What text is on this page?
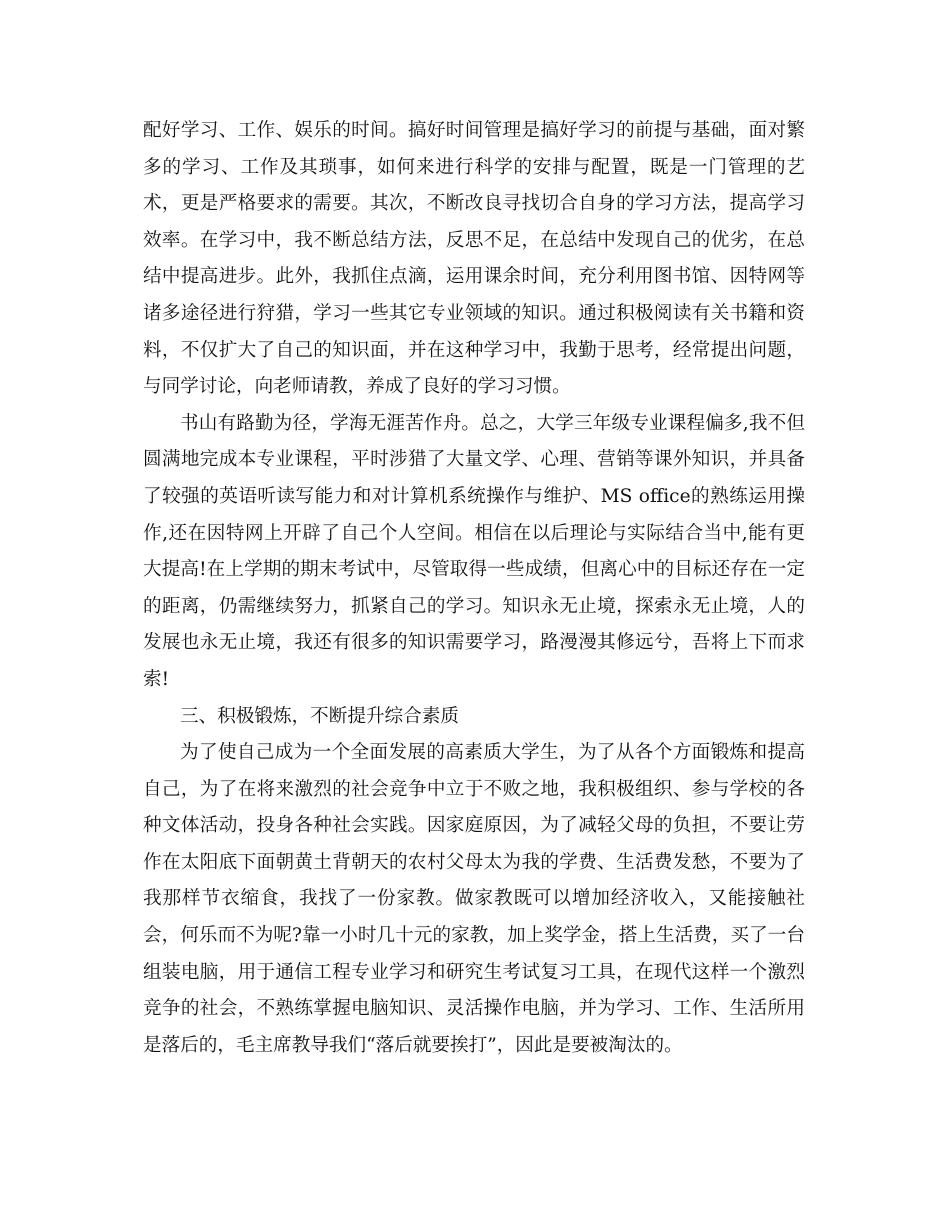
配好学习、工作、娱乐的时间。搞好时间管理是搞好学习的前提与基础，面对繁多的学习、工作及其琐事，如何来进行科学的安排与配置，既是一门管理的艺术，更是严格要求的需要。其次，不断改良寻找切合自身的学习方法，提高学习效率。在学习中，我不断总结方法，反思不足，在总结中发现自己的优劣，在总结中提高进步。此外，我抓住点滴，运用课余时间，充分利用图书馆、因特网等诸多途径进行狩猎，学习一些其它专业领域的知识。通过积极阅读有关书籍和资料，不仅扩大了自己的知识面，并在这种学习中，我勤于思考，经常提出问题，与同学讨论，向老师请教，养成了良好的学习习惯。

书山有路勤为径，学海无涯苦作舟。总之，大学三年级专业课程偏多,我不但圆满地完成本专业课程，平时涉猎了大量文学、心理、营销等课外知识，并具备了较强的英语听读写能力和对计算机系统操作与维护、MS office的熟练运用操作,还在因特网上开辟了自己个人空间。相信在以后理论与实际结合当中,能有更大提高!在上学期的期末考试中，尽管取得一些成绩，但离心中的目标还存在一定的距离，仍需继续努力，抓紧自己的学习。知识永无止境，探索永无止境，人的发展也永无止境，我还有很多的知识需要学习，路漫漫其修远兮，吾将上下而求索!

三、积极锻炼，不断提升综合素质

为了使自己成为一个全面发展的高素质大学生，为了从各个方面锻炼和提高自己，为了在将来激烈的社会竞争中立于不败之地，我积极组织、参与学校的各种文体活动，投身各种社会实践。因家庭原因，为了减轻父母的负担，不要让劳作在太阳底下面朝黄土背朝天的农村父母太为我的学费、生活费发愁，不要为了我那样节衣缩食，我找了一份家教。做家教既可以增加经济收入，又能接触社会，何乐而不为呢?靠一小时几十元的家教，加上奖学金，搭上生活费，买了一台组装电脑，用于通信工程专业学习和研究生考试复习工具，在现代这样一个激烈竞争的社会，不熟练掌握电脑知识、灵活操作电脑，并为学习、工作、生活所用是落后的，毛主席教导我们“落后就要挨打”，因此是要被淘汰的。
